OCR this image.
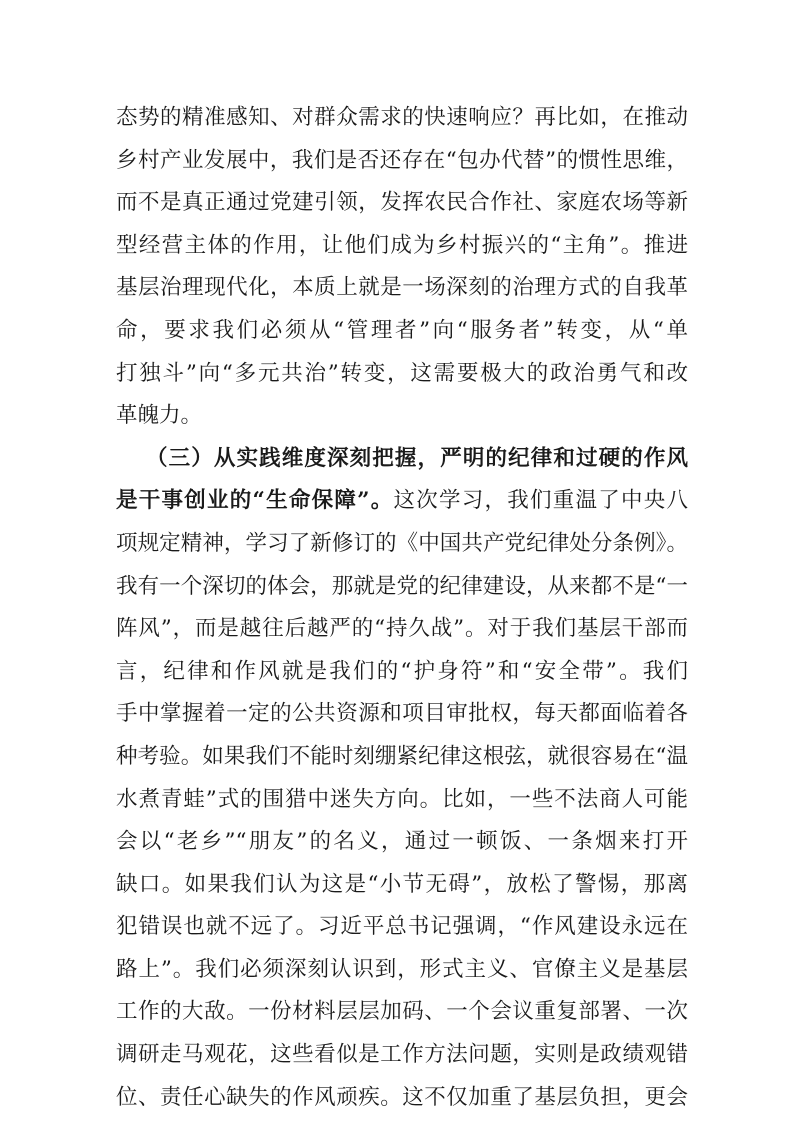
态势的精准感知、对群众需求的快速响应？再比如，在推动
乡村产业发展中，我们是否还存在“包办代替”的惯性思维，
而不是真正通过党建引领，发挥农民合作社、家庭农场等新
型经营主体的作用，让他们成为乡村振兴的“主角”。推进
基层治理现代化，本质上就是一场深刻的治理方式的自我革
命，要求我们必须从“管理者”向“服务者”转变，从“单
打独斗”向“多元共治”转变，这需要极大的政治勇气和改
革魄力。
（三）从实践维度深刻把握，严明的纪律和过硬的作风
是干事创业的“生命保障”。这次学习，我们重温了中央八
项规定精神，学习了新修订的《中国共产党纪律处分条例》。
我有一个深切的体会，那就是党的纪律建设，从来都不是“一
阵风”，而是越往后越严的“持久战”。对于我们基层干部而
言，纪律和作风就是我们的“护身符”和“安全带”。我们
手中掌握着一定的公共资源和项目审批权，每天都面临着各
种考验。如果我们不能时刻绷紧纪律这根弦，就很容易在“温
水煮青蛙”式的围猎中迷失方向。比如，一些不法商人可能
会以“老乡”“朋友”的名义，通过一顿饭、一条烟来打开
缺口。如果我们认为这是“小节无碍”，放松了警惕，那离
犯错误也就不远了。习近平总书记强调，“作风建设永远在
路上”。我们必须深刻认识到，形式主义、官僚主义是基层
工作的大敌。一份材料层层加码、一个会议重复部署、一次
调研走马观花，这些看似是工作方法问题，实则是政绩观错
位、责任心缺失的作风顽疾。这不仅加重了基层负担，更会
